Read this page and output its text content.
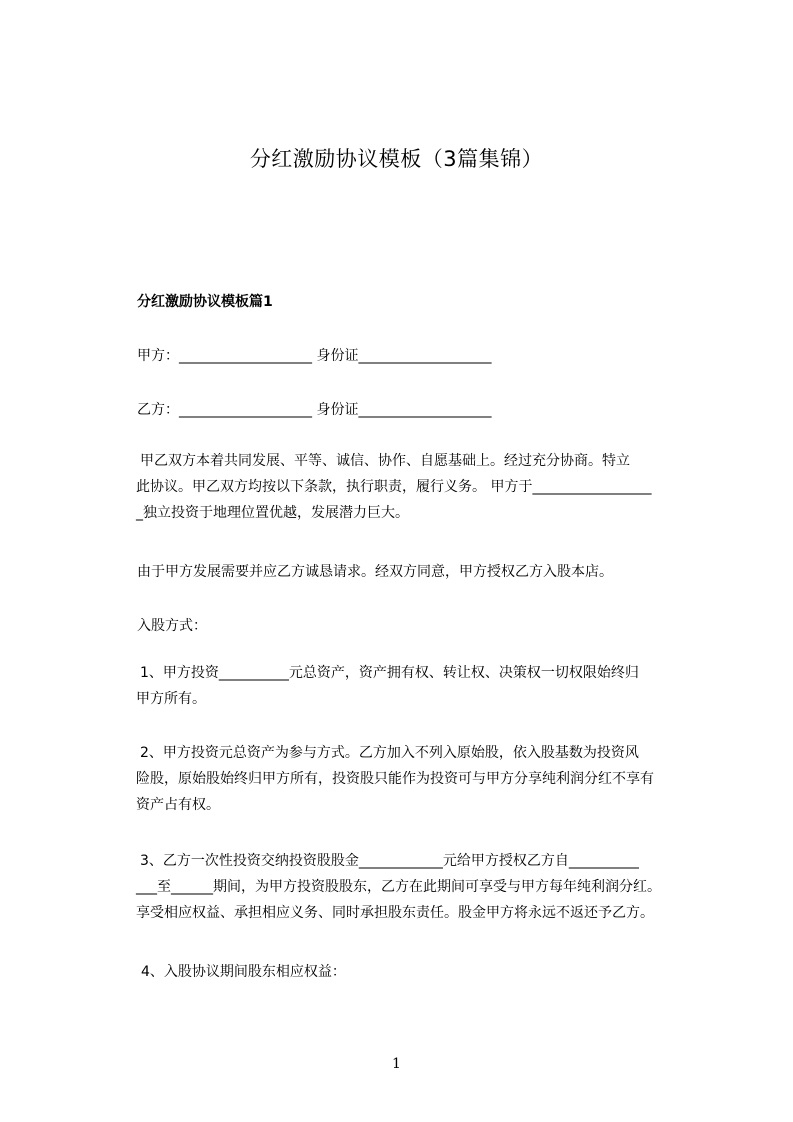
分红激励协议模板（3篇集锦）
分红激励协议模板篇1
甲方：___________________ 身份证___________________
乙方：___________________ 身份证___________________
甲乙双方本着共同发展、平等、诚信、协作、自愿基础上。经过充分协商。特立
此协议。甲乙双方均按以下条款，执行职责，履行义务。 甲方于_________________
_独立投资于地理位置优越，发展潜力巨大。
由于甲方发展需要并应乙方诚恳请求。经双方同意，甲方授权乙方入股本店。
入股方式：
1、甲方投资__________元总资产，资产拥有权、转让权、决策权一切权限始终归
甲方所有。
2、甲方投资元总资产为参与方式。乙方加入不列入原始股，依入股基数为投资风
险股，原始股始终归甲方所有，投资股只能作为投资可与甲方分享纯利润分红不享有
资产占有权。
3、乙方一次性投资交纳投资股股金____________元给甲方授权乙方自__________
___至______期间，为甲方投资股股东，乙方在此期间可享受与甲方每年纯利润分红。
享受相应权益、承担相应义务、同时承担股东责任。股金甲方将永远不返还予乙方。
4、入股协议期间股东相应权益：
1
